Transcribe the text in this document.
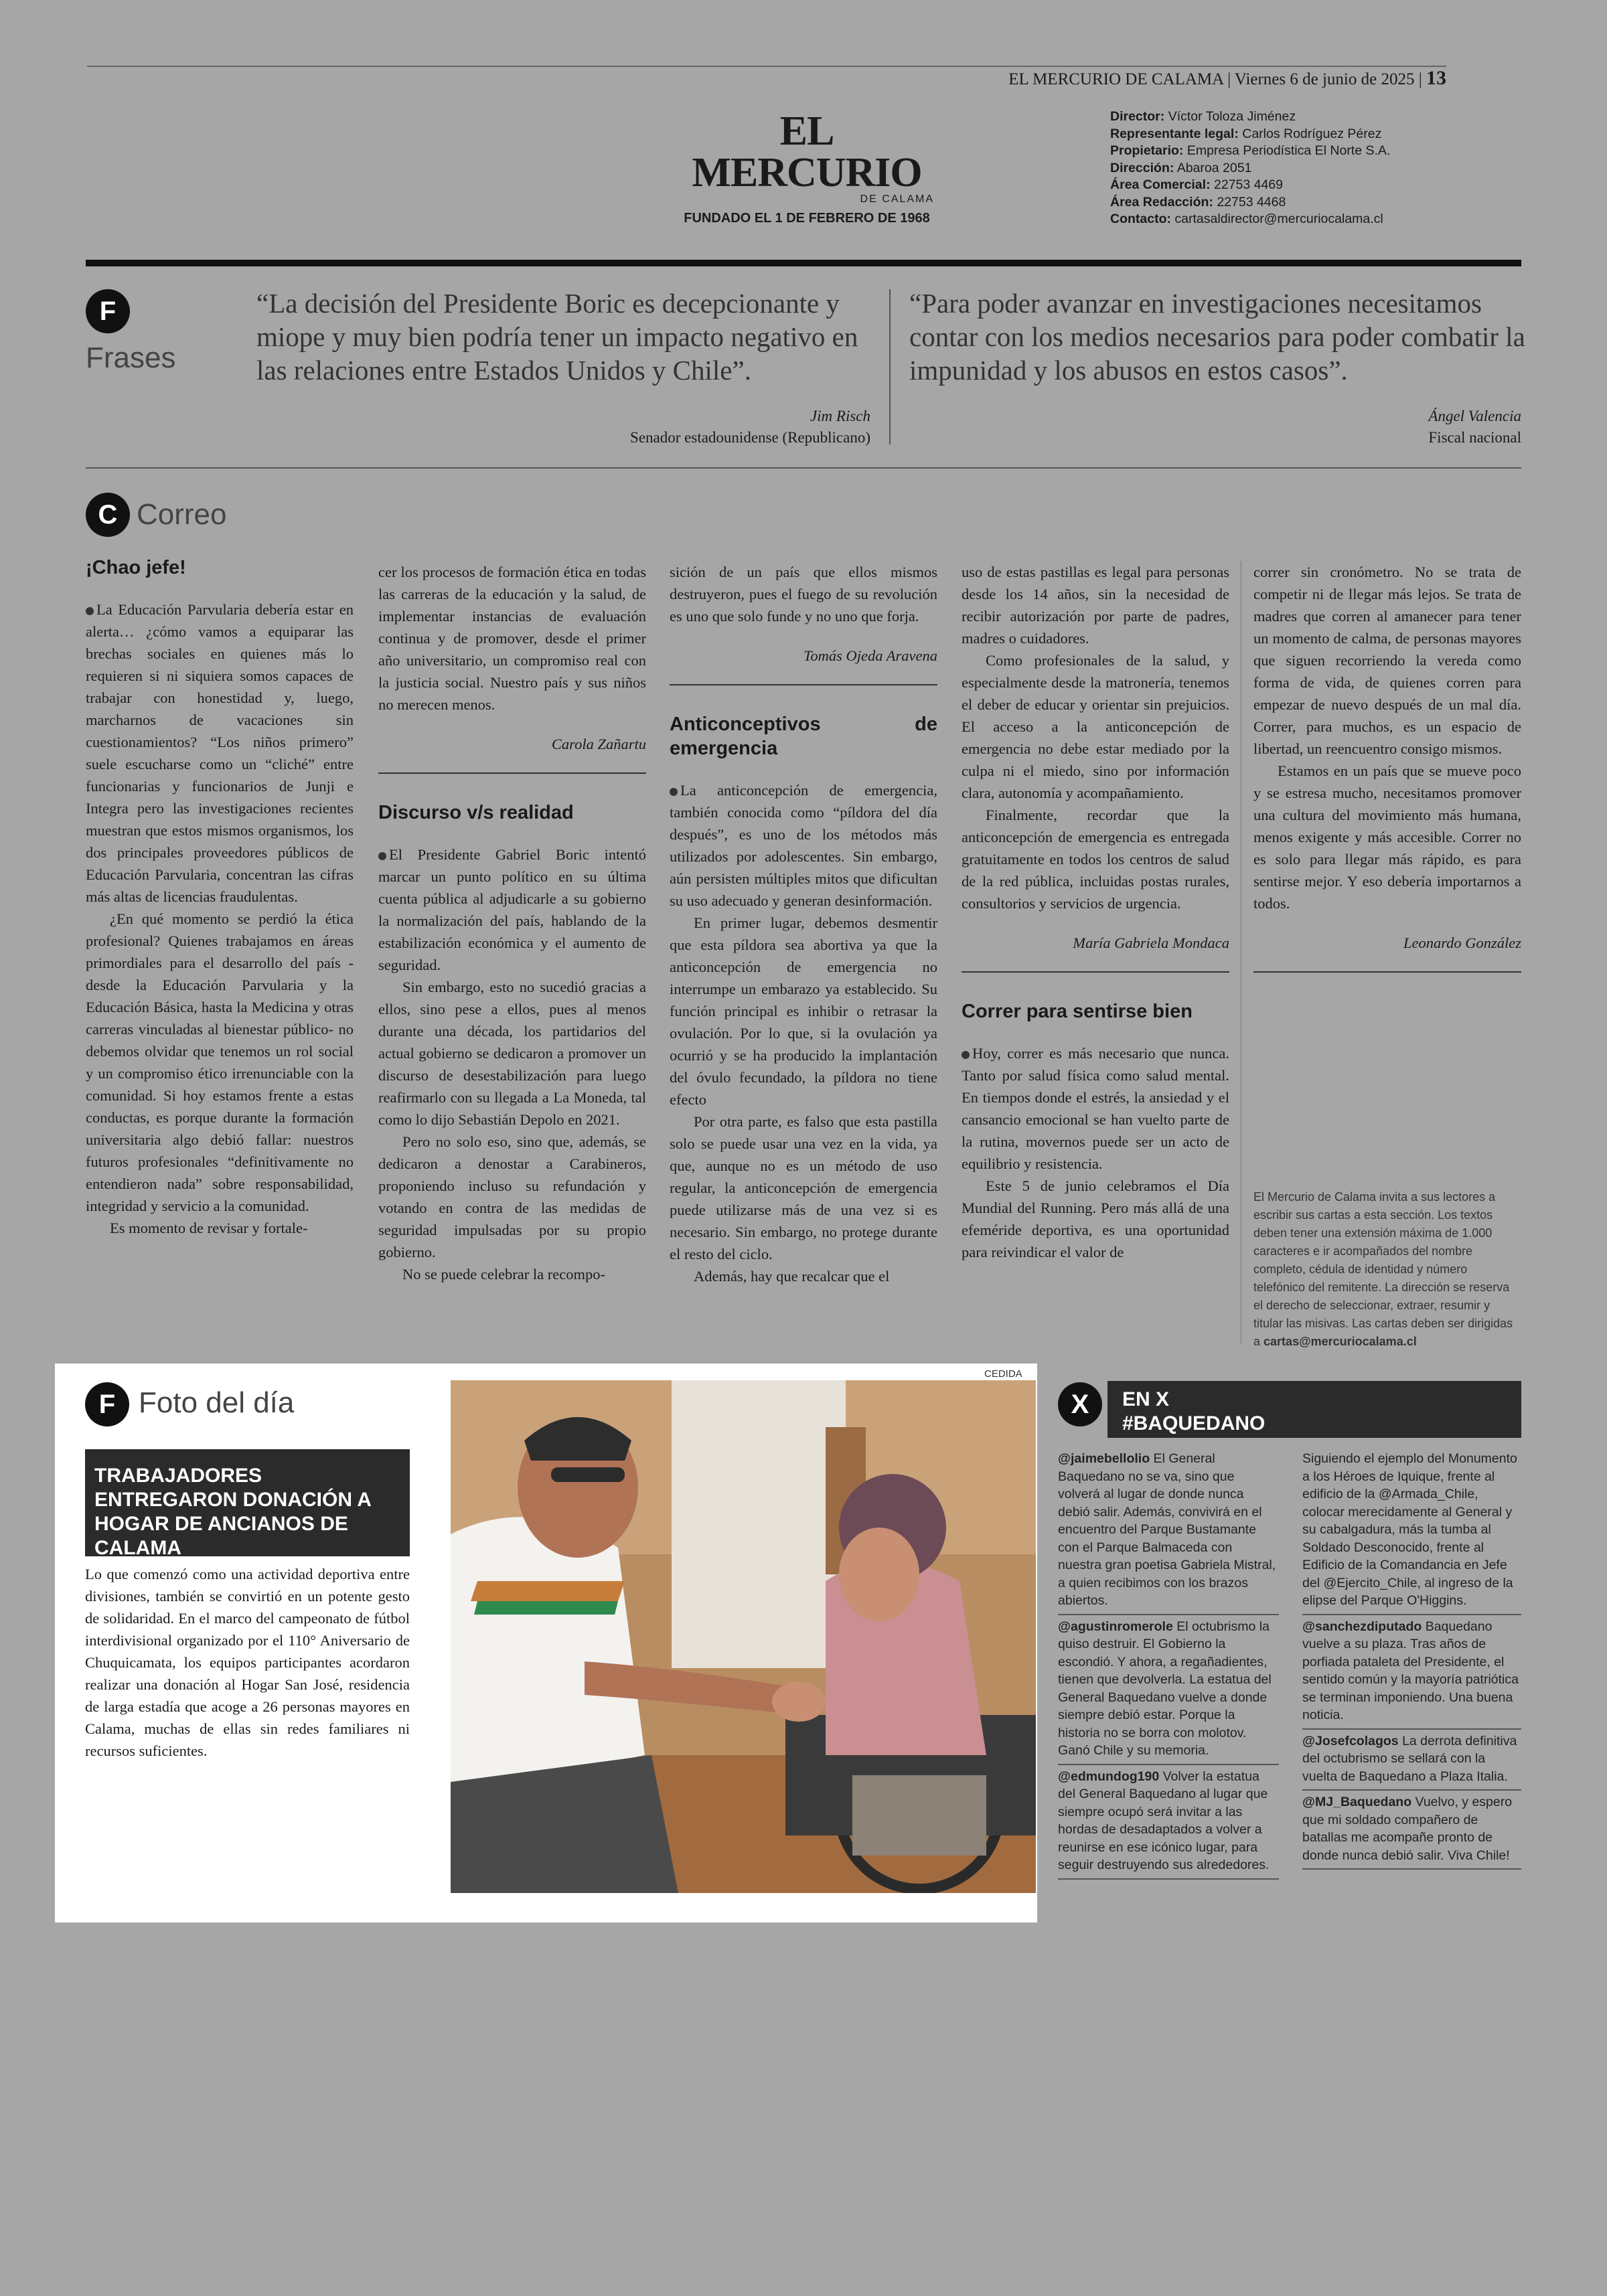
EL MERCURIO DE CALAMA | Viernes 6 de junio de 2025 | 13
EL MERCURIO
DE CALAMA
FUNDADO EL 1 DE FEBRERO DE 1968
Director: Víctor Toloza Jiménez
Representante legal: Carlos Rodríguez Pérez
Propietario: Empresa Periodística El Norte S.A.
Dirección: Abaroa 2051
Área Comercial: 22753 4469
Área Redacción: 22753 4468
Contacto: cartasaldirector@mercuriocalama.cl
F
Frases
“La decisión del Presidente Boric es decepcionante y miope y muy bien podría tener un impacto negativo en las relaciones entre Estados Unidos y Chile”.
Jim Risch
Senador estadounidense (Republicano)
“Para poder avanzar en investigaciones necesitamos contar con los medios necesarios para poder combatir la impunidad y los abusos en estos casos”.
Ángel Valencia
Fiscal nacional
C Correo

¡Chao jefe!

La Educación Parvularia debería estar en alerta… ¿cómo vamos a equiparar las brechas sociales en quienes más lo requieren si ni siquiera somos capaces de trabajar con honestidad y, luego, marcharnos de vacaciones sin cuestionamientos? “Los niños primero” suele escucharse como un “cliché” entre funcionarias y funcionarios de Junji e Integra pero las investigaciones recientes muestran que estos mismos organismos, los dos principales proveedores públicos de Educación Parvularia, concentran las cifras más altas de licencias fraudulentas.

¿En qué momento se perdió la ética profesional? Quienes trabajamos en áreas primordiales para el desarrollo del país -desde la Educación Parvularia y la Educación Básica, hasta la Medicina y otras carreras vinculadas al bienestar público- no debemos olvidar que tenemos un rol social y un compromiso ético irrenunciable con la comunidad. Si hoy estamos frente a estas conductas, es porque durante la formación universitaria algo debió fallar: nuestros futuros profesionales “definitivamente no entendieron nada” sobre responsabilidad, integridad y servicio a la comunidad.

Es momento de revisar y fortale-

cer los procesos de formación ética en todas las carreras de la educación y la salud, de implementar instancias de evaluación continua y de promover, desde el primer año universitario, un compromiso real con la justicia social. Nuestro país y sus niños no merecen menos.

Carola Zañartu

Discurso v/s realidad

El Presidente Gabriel Boric intentó marcar un punto político en su última cuenta pública al adjudicarle a su gobierno la normalización del país, hablando de la estabilización económica y el aumento de seguridad.

Sin embargo, esto no sucedió gracias a ellos, sino pese a ellos, pues al menos durante una década, los partidarios del actual gobierno se dedicaron a promover un discurso de desestabilización para luego reafirmarlo con su llegada a La Moneda, tal como lo dijo Sebastián Depolo en 2021.

Pero no solo eso, sino que, además, se dedicaron a denostar a Carabineros, proponiendo incluso su refundación y votando en contra de las medidas de seguridad impulsadas por su propio gobierno.

No se puede celebrar la recompo-

sición de un país que ellos mismos destruyeron, pues el fuego de su revolución es uno que solo funde y no uno que forja.

Tomás Ojeda Aravena

Anticonceptivos de emergencia

La anticoncepción de emergencia, también conocida como “píldora del día después”, es uno de los métodos más utilizados por adolescentes. Sin embargo, aún persisten múltiples mitos que dificultan su uso adecuado y generan desinformación.

En primer lugar, debemos desmentir que esta píldora sea abortiva ya que la anticoncepción de emergencia no interrumpe un embarazo ya establecido. Su función principal es inhibir o retrasar la ovulación. Por lo que, si la ovulación ya ocurrió y se ha producido la implantación del óvulo fecundado, la píldora no tiene efecto

Por otra parte, es falso que esta pastilla solo se puede usar una vez en la vida, ya que, aunque no es un método de uso regular, la anticoncepción de emergencia puede utilizarse más de una vez si es necesario. Sin embargo, no protege durante el resto del ciclo.

Además, hay que recalcar que el

uso de estas pastillas es legal para personas desde los 14 años, sin la necesidad de recibir autorización por parte de padres, madres o cuidadores.

Como profesionales de la salud, y especialmente desde la matronería, tenemos el deber de educar y orientar sin prejuicios. El acceso a la anticoncepción de emergencia no debe estar mediado por la culpa ni el miedo, sino por información clara, autonomía y acompañamiento.

Finalmente, recordar que la anticoncepción de emergencia es entregada gratuitamente en todos los centros de salud de la red pública, incluidas postas rurales, consultorios y servicios de urgencia.

María Gabriela Mondaca

Correr para sentirse bien

Hoy, correr es más necesario que nunca. Tanto por salud física como salud mental. En tiempos donde el estrés, la ansiedad y el cansancio emocional se han vuelto parte de la rutina, movernos puede ser un acto de equilibrio y resistencia.

Este 5 de junio celebramos el Día Mundial del Running. Pero más allá de una efeméride deportiva, es una oportunidad para reivindicar el valor de

correr sin cronómetro. No se trata de competir ni de llegar más lejos. Se trata de madres que corren al amanecer para tener un momento de calma, de personas mayores que siguen recorriendo la vereda como forma de vida, de quienes corren para empezar de nuevo después de un mal día. Correr, para muchos, es un espacio de libertad, un reencuentro consigo mismos.

Estamos en un país que se mueve poco y se estresa mucho, necesitamos promover una cultura del movimiento más humana, menos exigente y más accesible. Correr no es solo para llegar más rápido, es para sentirse mejor. Y eso debería importarnos a todos.

Leonardo González

El Mercurio de Calama invita a sus lectores a escribir sus cartas a esta sección. Los textos deben tener una extensión máxima de 1.000 caracteres e ir acompañados del nombre completo, cédula de identidad y número telefónico del remitente. La dirección se reserva el derecho de seleccionar, extraer, resumir y titular las misivas. Las cartas deben ser dirigidas a cartas@mercuriocalama.cl
F Foto del día
TRABAJADORES ENTREGARON DONACIÓN A HOGAR DE ANCIANOS DE CALAMA
Lo que comenzó como una actividad deportiva entre divisiones, también se convirtió en un potente gesto de solidaridad. En el marco del campeonato de fútbol interdivisional organizado por el 110° Aniversario de Chuquicamata, los equipos participantes acordaron realizar una donación al Hogar San José, residencia de larga estadía que acoge a 26 personas mayores en Calama, muchas de ellas sin redes familiares ni recursos suficientes.
CEDIDA
X	EN X
#BAQUEDANO
@jaimebellolio El General Baquedano no se va, sino que volverá al lugar de donde nunca debió salir. Además, convivirá en el encuentro del Parque Bustamante con el Parque Balmaceda con nuestra gran poetisa Gabriela Mistral, a quien recibimos con los brazos abiertos.
@agustinromerole El octubrismo la quiso destruir. El Gobierno la escondió. Y ahora, a regañadientes, tienen que devolverla. La estatua del General Baquedano vuelve a donde siempre debió estar. Porque la historia no se borra con molotov. Ganó Chile y su memoria.
@edmundog190 Volver la estatua del General Baquedano al lugar que siempre ocupó será invitar a las hordas de desadaptados a volver a reunirse en ese icónico lugar, para seguir destruyendo sus alrededores.
Siguiendo el ejemplo del Monumento a los Héroes de Iquique, frente al edificio de la @Armada_Chile, colocar merecidamente al General y su cabalgadura, más la tumba al Soldado Desconocido, frente al Edificio de la Comandancia en Jefe del @Ejercito_Chile, al ingreso de la elipse del Parque O'Higgins.
@sanchezdiputado Baquedano vuelve a su plaza. Tras años de porfiada pataleta del Presidente, el sentido común y la mayoría patriótica se terminan imponiendo. Una buena noticia.
@Josefcolagos La derrota definitiva del octubrismo se sellará con la vuelta de Baquedano a Plaza Italia.
@MJ_Baquedano Vuelvo, y espero que mi soldado compañero de batallas me acompañe pronto de donde nunca debió salir. Viva Chile!
